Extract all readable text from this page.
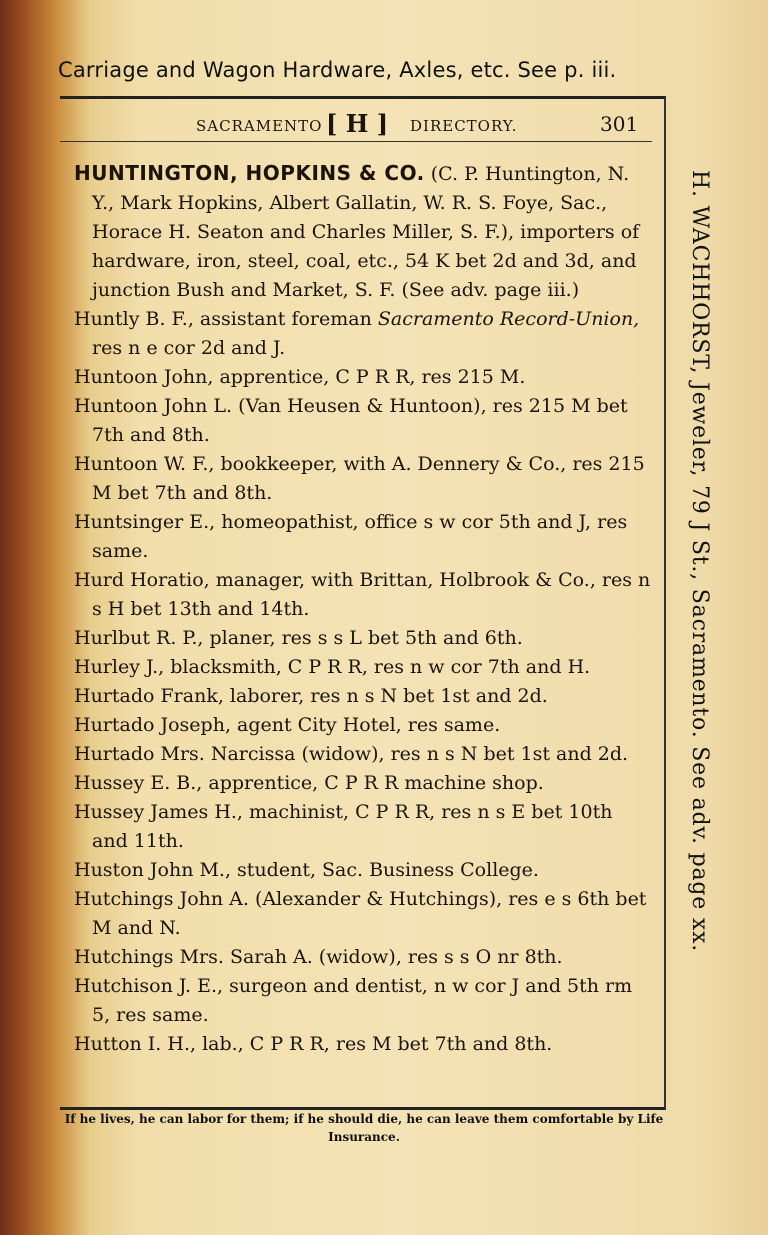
Carriage and Wagon Hardware, Axles, etc. See p. iii.
SACRAMENTO [ H ] DIRECTORY.	301
HUNTINGTON, HOPKINS & CO. (C. P. Huntington, N. Y., Mark Hopkins, Albert Gallatin, W. R. S. Foye, Sac., Horace H. Seaton and Charles Miller, S. F.), importers of hardware, iron, steel, coal, etc., 54 K bet 2d and 3d, and junction Bush and Market, S. F. (See adv. page iii.)
Huntly B. F., assistant foreman Sacramento Record-Union, res n e cor 2d and J.
Huntoon John, apprentice, C P R R, res 215 M.
Huntoon John L. (Van Heusen & Huntoon), res 215 M bet 7th and 8th.
Huntoon W. F., bookkeeper, with A. Dennery & Co., res 215 M bet 7th and 8th.
Huntsinger E., homeopathist, office s w cor 5th and J, res same.
Hurd Horatio, manager, with Brittan, Holbrook & Co., res n s H bet 13th and 14th.
Hurlbut R. P., planer, res s s L bet 5th and 6th.
Hurley J., blacksmith, C P R R, res n w cor 7th and H.
Hurtado Frank, laborer, res n s N bet 1st and 2d.
Hurtado Joseph, agent City Hotel, res same.
Hurtado Mrs. Narcissa (widow), res n s N bet 1st and 2d.
Hussey E. B., apprentice, C P R R machine shop.
Hussey James H., machinist, C P R R, res n s E bet 10th and 11th.
Huston John M., student, Sac. Business College.
Hutchings John A. (Alexander & Hutchings), res e s 6th bet M and N.
Hutchings Mrs. Sarah A. (widow), res s s O nr 8th.
Hutchison J. E., surgeon and dentist, n w cor J and 5th rm 5, res same.
Hutton I. H., lab., C P R R, res M bet 7th and 8th.
H. WACHHORST, Jeweler, 79 J St., Sacramento. See adv. page xx.
If he lives, he can labor for them; if he should die, he can leave them comfortable by Life Insurance.
